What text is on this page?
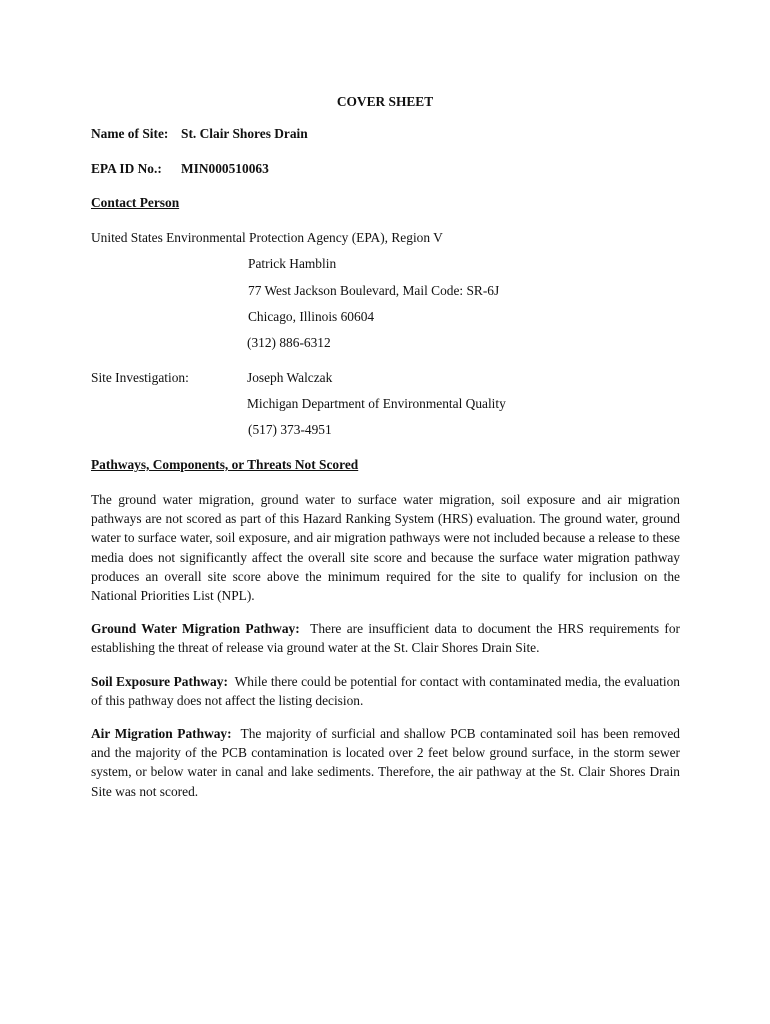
COVER SHEET
Name of Site: St. Clair Shores Drain
EPA ID No.: MIN000510063
Contact Person
United States Environmental Protection Agency (EPA), Region V
Patrick Hamblin
77 West Jackson Boulevard, Mail Code: SR-6J
Chicago, Illinois 60604
(312) 886-6312
Site Investigation:	Joseph Walczak
Michigan Department of Environmental Quality
(517) 373-4951
Pathways, Components, or Threats Not Scored
The ground water migration, ground water to surface water migration, soil exposure and air migration pathways are not scored as part of this Hazard Ranking System (HRS) evaluation. The ground water, ground water to surface water, soil exposure, and air migration pathways were not included because a release to these media does not significantly affect the overall site score and because the surface water migration pathway produces an overall site score above the minimum required for the site to qualify for inclusion on the National Priorities List (NPL).
Ground Water Migration Pathway: There are insufficient data to document the HRS requirements for establishing the threat of release via ground water at the St. Clair Shores Drain Site.
Soil Exposure Pathway: While there could be potential for contact with contaminated media, the evaluation of this pathway does not affect the listing decision.
Air Migration Pathway: The majority of surficial and shallow PCB contaminated soil has been removed and the majority of the PCB contamination is located over 2 feet below ground surface, in the storm sewer system, or below water in canal and lake sediments. Therefore, the air pathway at the St. Clair Shores Drain Site was not scored.
